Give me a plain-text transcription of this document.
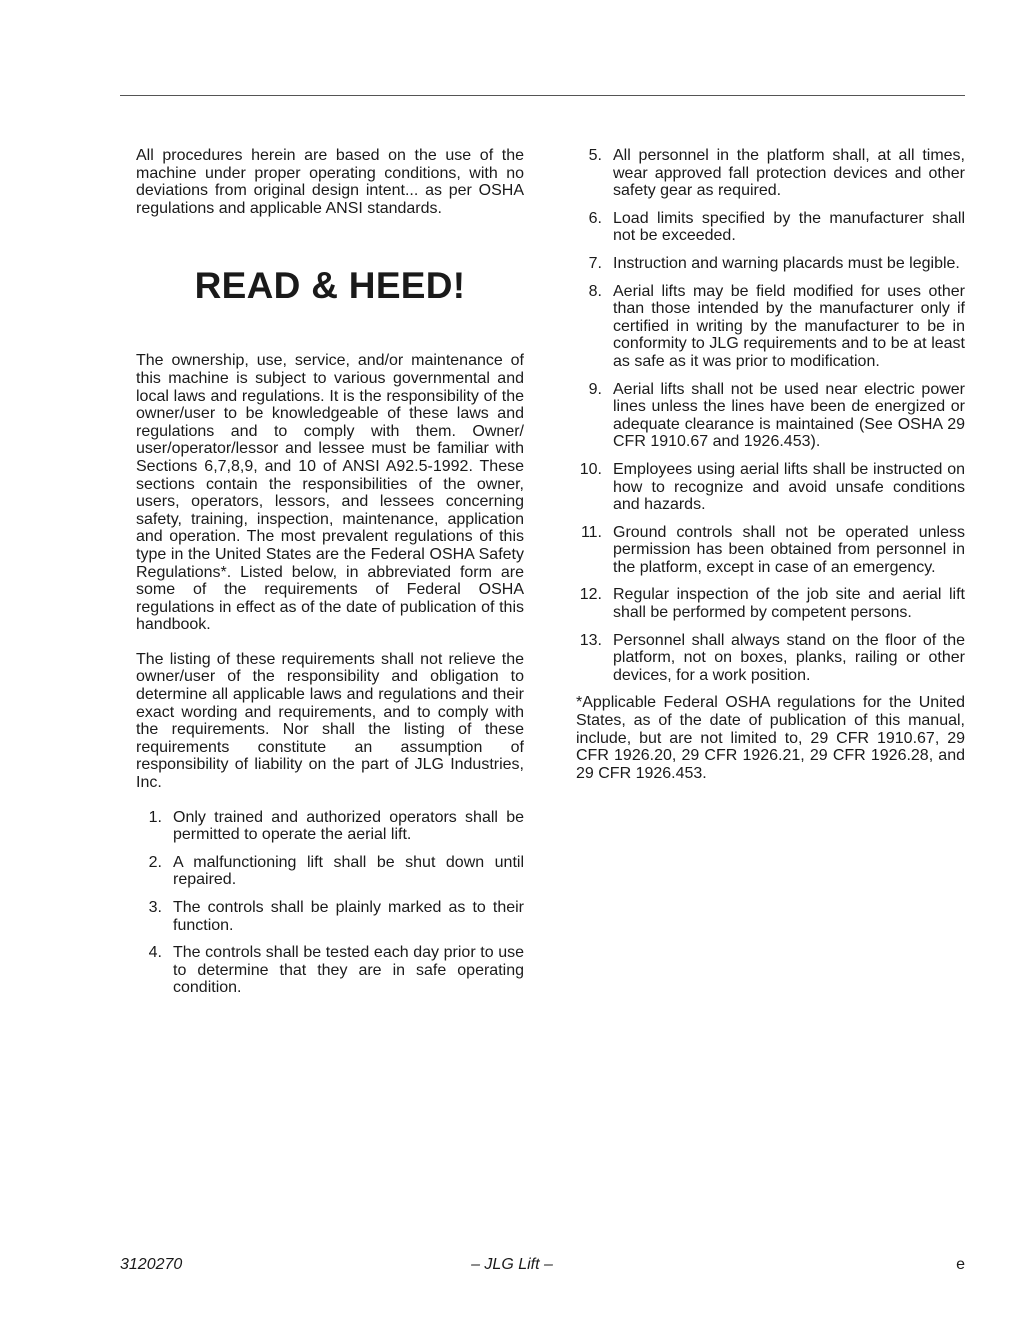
All procedures herein are based on the use of the machine under proper operating conditions, with no deviations from original design intent... as per OSHA regulations and applicable ANSI standards.

READ & HEED!

The ownership, use, service, and/or maintenance of this machine is subject to various governmental and local laws and regulations. It is the responsibility of the owner/user to be knowledgeable of these laws and regulations and to comply with them. Owner/ user/operator/lessor and lessee must be familiar with Sections 6,7,8,9, and 10 of ANSI A92.5-1992. These sections contain the responsibilities of the owner, users, operators, lessors, and lessees concerning safety, training, inspection, maintenance, application and operation. The most prevalent regulations of this type in the United States are the Federal OSHA Safety Regulations*. Listed below, in abbreviated form are some of the requirements of Federal OSHA regulations in effect as of the date of publication of this handbook.

The listing of these requirements shall not relieve the owner/user of the responsibility and obligation to determine all applicable laws and regulations and their exact wording and requirements, and to comply with the requirements. Nor shall the listing of these requirements constitute an assumption of responsibility of liability on the part of JLG Industries, Inc.

1. Only trained and authorized operators shall be permitted to operate the aerial lift.
2. A malfunctioning lift shall be shut down until repaired.
3. The controls shall be plainly marked as to their function.
4. The controls shall be tested each day prior to use to determine that they are in safe operating condition.
5. All personnel in the platform shall, at all times, wear approved fall protection devices and other safety gear as required.
6. Load limits specified by the manufacturer shall not be exceeded.
7. Instruction and warning placards must be legible.
8. Aerial lifts may be field modified for uses other than those intended by the manufacturer only if certified in writing by the manufacturer to be in conformity to JLG requirements and to be at least as safe as it was prior to modification.
9. Aerial lifts shall not be used near electric power lines unless the lines have been de energized or adequate clearance is maintained (See OSHA 29 CFR 1910.67 and 1926.453).
10. Employees using aerial lifts shall be instructed on how to recognize and avoid unsafe conditions and hazards.
11. Ground controls shall not be operated unless permission has been obtained from personnel in the platform, except in case of an emergency.
12. Regular inspection of the job site and aerial lift shall be performed by competent persons.
13. Personnel shall always stand on the floor of the platform, not on boxes, planks, railing or other devices, for a work position.

*Applicable Federal OSHA regulations for the United States, as of the date of publication of this manual, include, but are not limited to, 29 CFR 1910.67, 29 CFR 1926.20, 29 CFR 1926.21, 29 CFR 1926.28, and 29 CFR 1926.453.

3120270	– JLG Lift –	e
